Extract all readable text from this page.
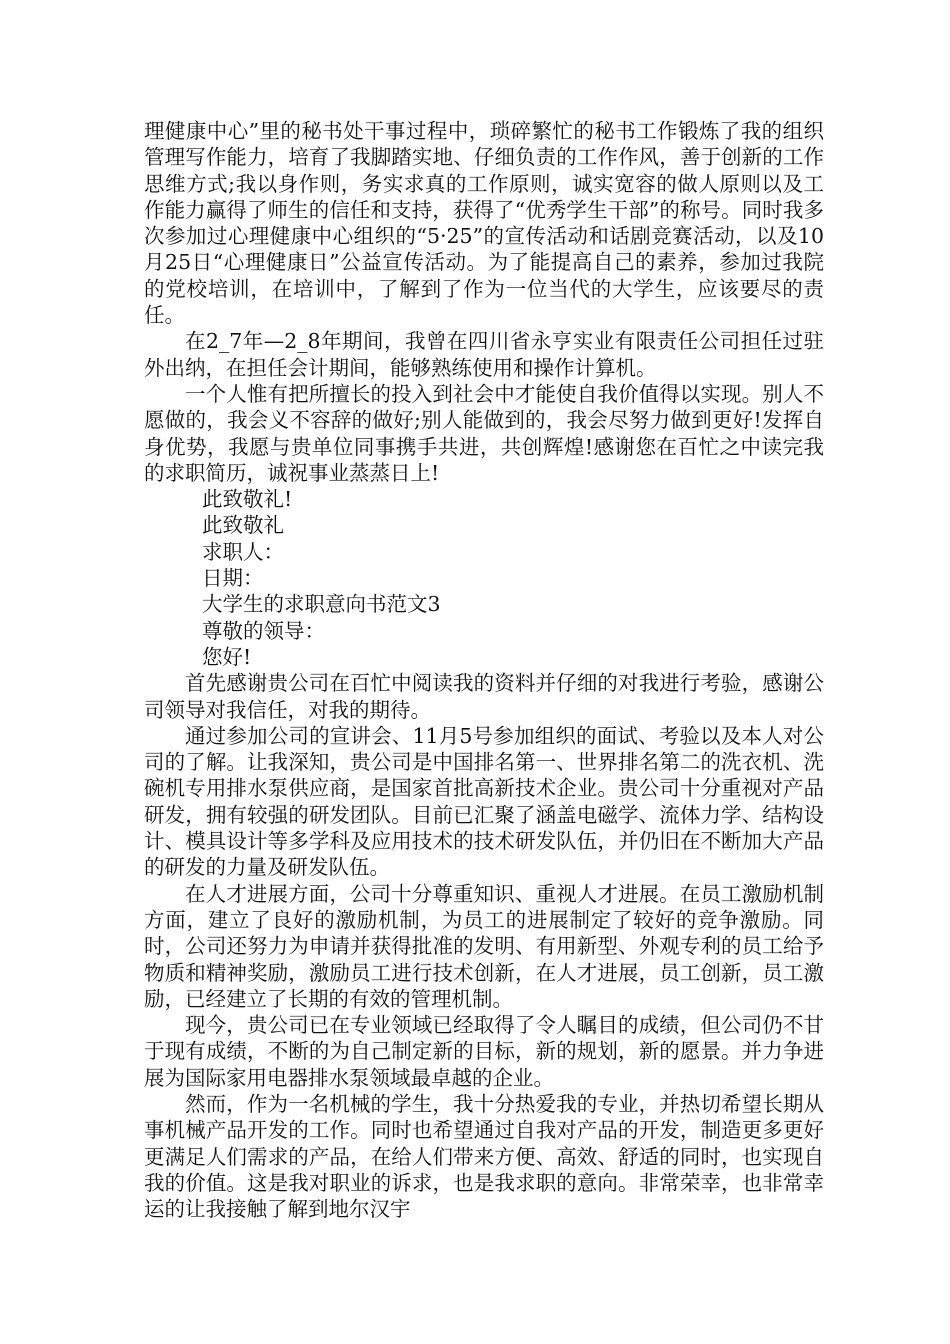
理健康中心”里的秘书处干事过程中，琐碎繁忙的秘书工作锻炼了我的组织管理写作能力，培育了我脚踏实地、仔细负责的工作作风，善于创新的工作思维方式;我以身作则，务实求真的工作原则，诚实宽容的做人原则以及工作能力赢得了师生的信任和支持，获得了“优秀学生干部”的称号。同时我多次参加过心理健康中心组织的“5·25”的宣传活动和话剧竞赛活动，以及10月25日“心理健康日”公益宣传活动。为了能提高自己的素养，参加过我院的党校培训，在培训中，了解到了作为一位当代的大学生，应该要尽的责任。

在2_7年—2_8年期间，我曾在四川省永亨实业有限责任公司担任过驻外出纳，在担任会计期间，能够熟练使用和操作计算机。

一个人惟有把所擅长的投入到社会中才能使自我价值得以实现。别人不愿做的，我会义不容辞的做好;别人能做到的，我会尽努力做到更好!发挥自身优势，我愿与贵单位同事携手共进，共创辉煌!感谢您在百忙之中读完我的求职简历，诚祝事业蒸蒸日上!

此致敬礼!

此致敬礼

求职人：

日期：

大学生的求职意向书范文3

尊敬的领导：

您好!

首先感谢贵公司在百忙中阅读我的资料并仔细的对我进行考验，感谢公司领导对我信任，对我的期待。

通过参加公司的宣讲会、11月5号参加组织的面试、考验以及本人对公司的了解。让我深知，贵公司是中国排名第一、世界排名第二的洗衣机、洗碗机专用排水泵供应商，是国家首批高新技术企业。贵公司十分重视对产品研发，拥有较强的研发团队。目前已汇聚了涵盖电磁学、流体力学、结构设计、模具设计等多学科及应用技术的技术研发队伍，并仍旧在不断加大产品的研发的力量及研发队伍。

在人才进展方面，公司十分尊重知识、重视人才进展。在员工激励机制方面，建立了良好的激励机制，为员工的进展制定了较好的竞争激励。同时，公司还努力为申请并获得批准的发明、有用新型、外观专利的员工给予物质和精神奖励，激励员工进行技术创新，在人才进展，员工创新，员工激励，已经建立了长期的有效的管理机制。

现今，贵公司已在专业领域已经取得了令人瞩目的成绩，但公司仍不甘于现有成绩，不断的为自己制定新的目标，新的规划，新的愿景。并力争进展为国际家用电器排水泵领域最卓越的企业。

然而，作为一名机械的学生，我十分热爱我的专业，并热切希望长期从事机械产品开发的工作。同时也希望通过自我对产品的开发，制造更多更好更满足人们需求的产品，在给人们带来方便、高效、舒适的同时，也实现自我的价值。这是我对职业的诉求，也是我求职的意向。非常荣幸，也非常幸运的让我接触了解到地尔汉宇
